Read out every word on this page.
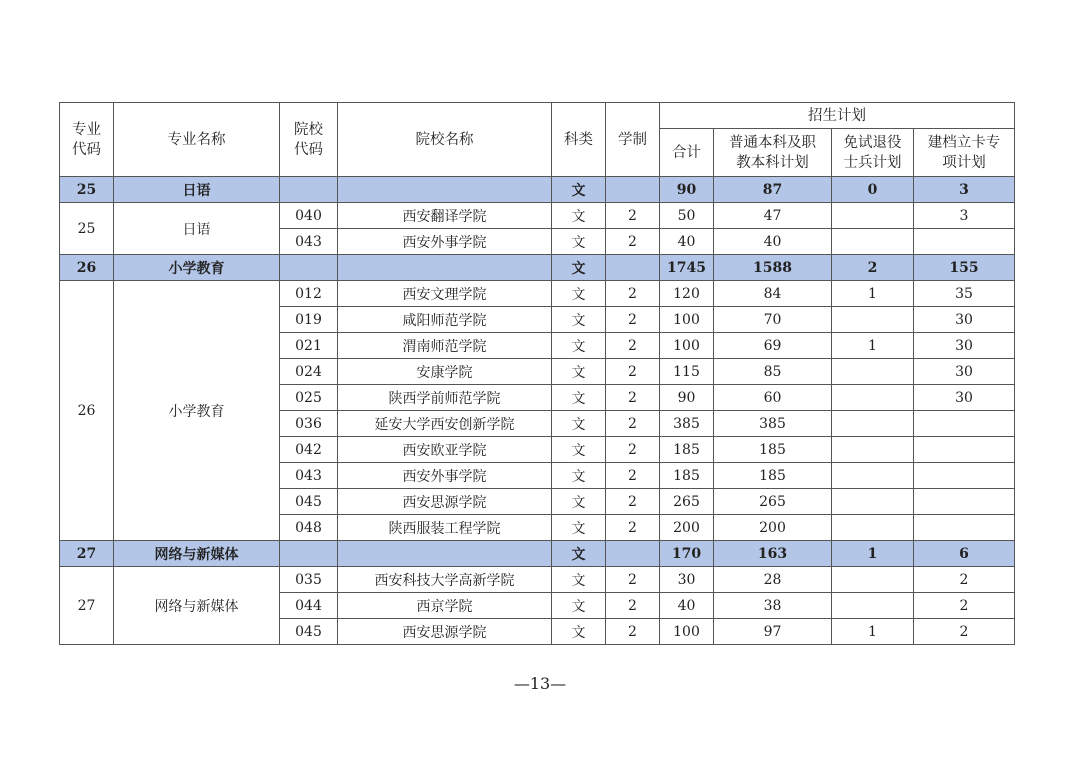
专业代码	专业名称	院校代码	院校名称	科类	学制	招生计划			
						合计	普通本科及职教本科计划	免试退役士兵计划	建档立卡专项计划
25	日语			文		90	87	0	3
25	日语	040	西安翻译学院	文	2	50	47		3
		043	西安外事学院	文	2	40	40		
26	小学教育			文		1745	1588	2	155
26	小学教育	012	西安文理学院	文	2	120	84	1	35
		019	咸阳师范学院	文	2	100	70		30
		021	渭南师范学院	文	2	100	69	1	30
		024	安康学院	文	2	115	85		30
		025	陕西学前师范学院	文	2	90	60		30
		036	延安大学西安创新学院	文	2	385	385		
		042	西安欧亚学院	文	2	185	185		
		043	西安外事学院	文	2	185	185		
		045	西安思源学院	文	2	265	265		
		048	陕西服装工程学院	文	2	200	200		
27	网络与新媒体			文		170	163	1	6
27	网络与新媒体	035	西安科技大学高新学院	文	2	30	28		2
		044	西京学院	文	2	40	38		2
		045	西安思源学院	文	2	100	97	1	2
—13—
